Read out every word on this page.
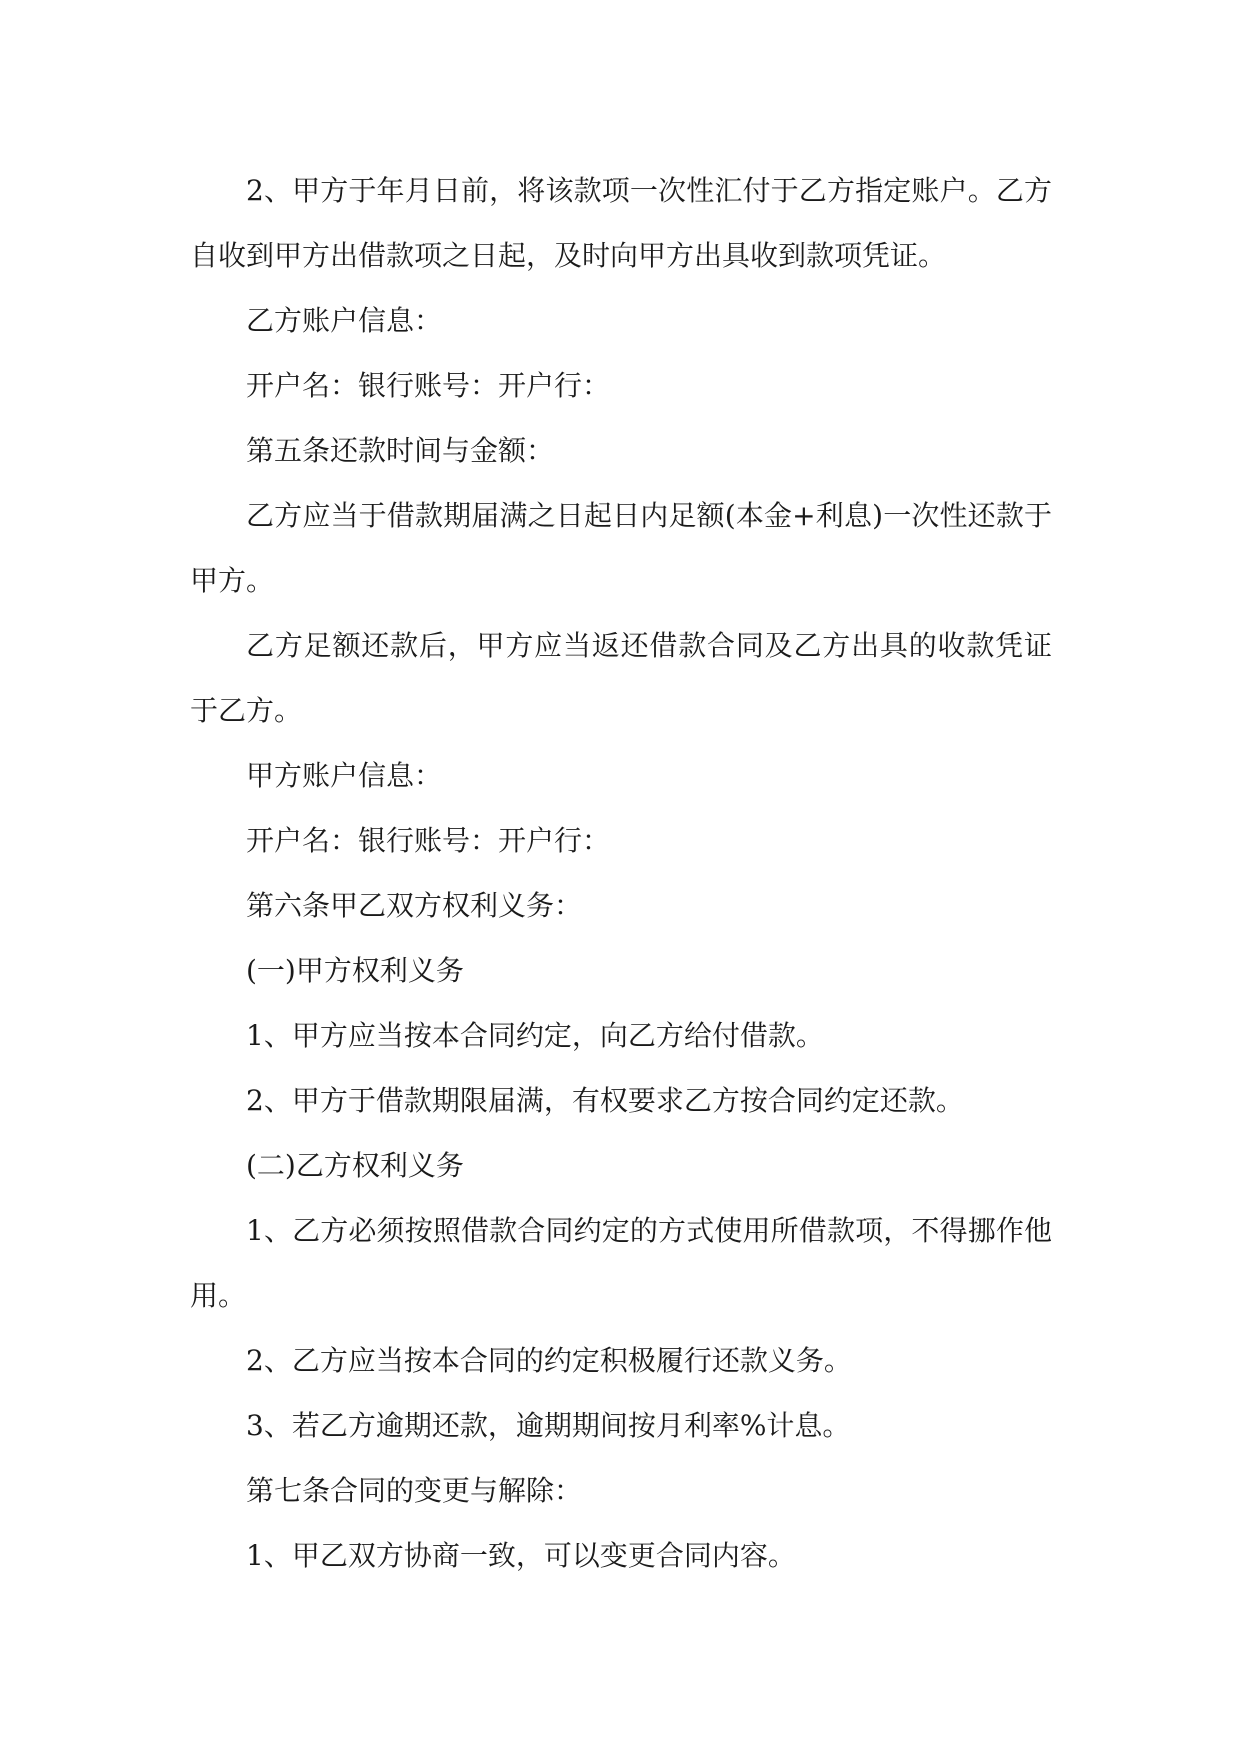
2、甲方于年月日前，将该款项一次性汇付于乙方指定账户。乙方自收到甲方出借款项之日起，及时向甲方出具收到款项凭证。

乙方账户信息：

开户名：银行账号：开户行：

第五条还款时间与金额：

乙方应当于借款期届满之日起日内足额(本金+利息)一次性还款于甲方。

乙方足额还款后，甲方应当返还借款合同及乙方出具的收款凭证于乙方。

甲方账户信息：

开户名：银行账号：开户行：

第六条甲乙双方权利义务：

(一)甲方权利义务

1、甲方应当按本合同约定，向乙方给付借款。

2、甲方于借款期限届满，有权要求乙方按合同约定还款。

(二)乙方权利义务

1、乙方必须按照借款合同约定的方式使用所借款项，不得挪作他用。

2、乙方应当按本合同的约定积极履行还款义务。

3、若乙方逾期还款，逾期期间按月利率%计息。

第七条合同的变更与解除：

1、甲乙双方协商一致，可以变更合同内容。
